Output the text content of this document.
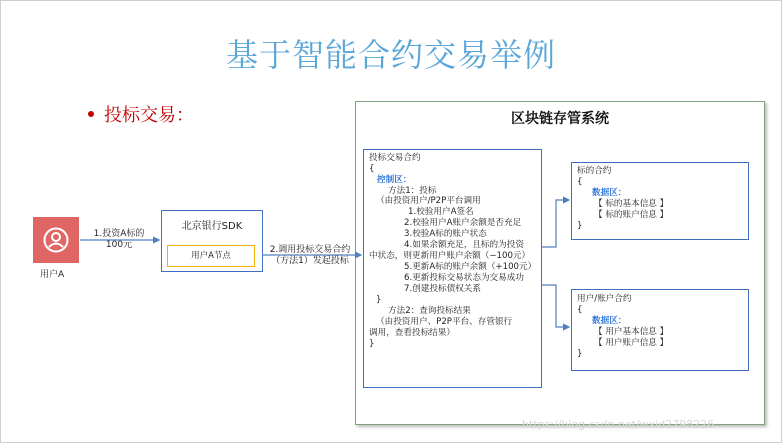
基于智能合约交易举例
投标交易：	区块链存管系统
用户A
1.投资A标的
100元
北京银行SDK
用户A节点
2.调用投标交易合约
（方法1）发起投标
投标交易合约
{
控制区：
方法1：投标
（由投资用户/P2P平台调用
1.校验用户A签名
2.校验用户A账户余额是否充足
3.校验A标的账户状态
4.如果余额充足，且标的为投资
中状态，则更新用户账户余额（−100元）
5.更新A标的账户余额（+100元）
6.更新投标交易状态为交易成功
7.创建投标债权关系
}
方法2：查询投标结果
（由投资用户、P2P平台、存管银行
调用，查看投标结果）
}
标的合约
{
数据区：
【 标的基本信息 】
【 标的账户信息 】
}
用户/账户合约
{
数据区：
【 用户基本信息 】
【 用户账户信息 】
}
https://blog.csdn.net/wxid2798226
